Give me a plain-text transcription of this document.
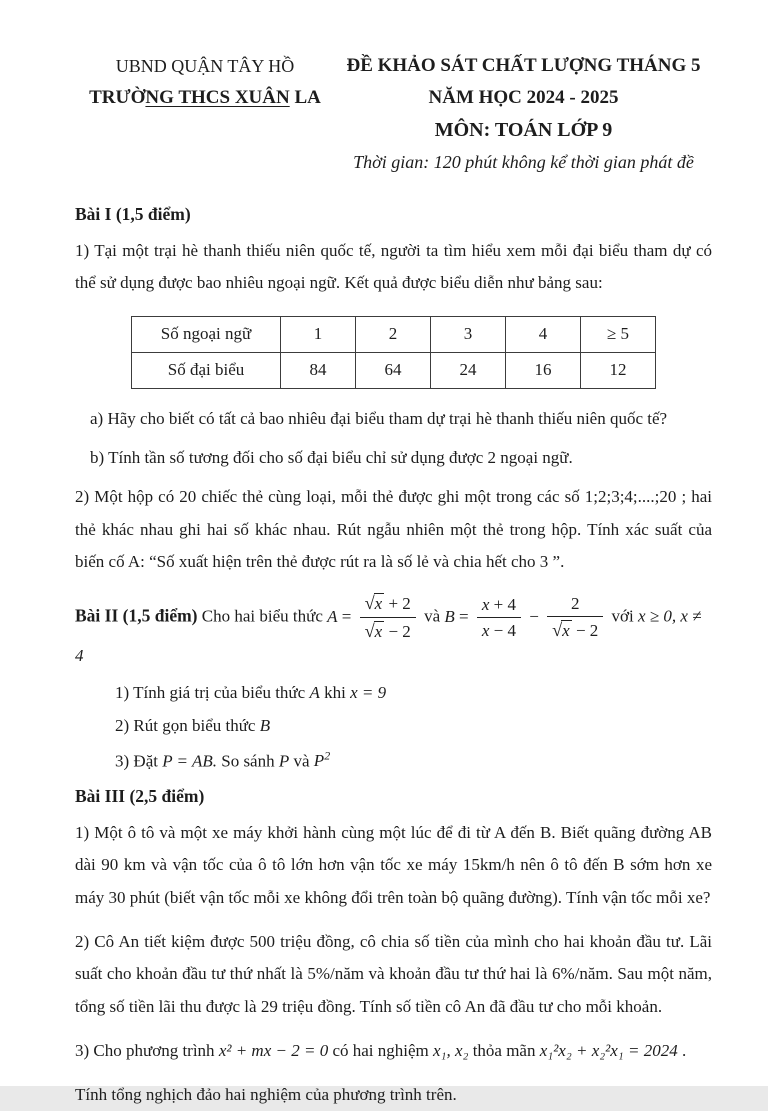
UBND QUẬN TÂY HỒ
TRƯỜNG THCS XUÂN LA
ĐỀ KHẢO SÁT CHẤT LƯỢNG THÁNG 5
NĂM HỌC 2024 - 2025
MÔN: TOÁN LỚP 9
Thời gian: 120 phút không kể thời gian phát đề
Bài I (1,5 điểm)

1) Tại một trại hè thanh thiếu niên quốc tế, người ta tìm hiểu xem mỗi đại biểu tham dự có thể sử dụng được bao nhiêu ngoại ngữ. Kết quả được biểu diễn như bảng sau:

Số ngoại ngữ	1	2	3	4	≥ 5
Số đại biểu	84	64	24	16	12

a) Hãy cho biết có tất cả bao nhiêu đại biểu tham dự trại hè thanh thiếu niên quốc tế?

b) Tính tần số tương đối cho số đại biểu chỉ sử dụng được 2 ngoại ngữ.

2) Một hộp có 20 chiếc thẻ cùng loại, mỗi thẻ được ghi một trong các số 1;2;3;4;....;20 ; hai thẻ khác nhau ghi hai số khác nhau. Rút ngẫu nhiên một thẻ trong hộp. Tính xác suất của biến cố A: “Số xuất hiện trên thẻ được rút ra là số lẻ và chia hết cho 3 ”.

Bài II (1,5 điểm) Cho hai biểu thức $A = \frac{√x + 2}{√x - 2}$ và $B = \frac{x + 4}{x - 4} - \frac{2}{√x - 2}$ với x ≥ 0, x ≠ 4

1) Tính giá trị của biểu thức A khi x = 9

2) Rút gọn biểu thức B

3) Đặt P = AB. So sánh P và $P^2$

Bài III (2,5 điểm)

1) Một ô tô và một xe máy khởi hành cùng một lúc để đi từ A đến B. Biết quãng đường AB dài 90 km và vận tốc của ô tô lớn hơn vận tốc xe máy 15km/h nên ô tô đến B sớm hơn xe máy 30 phút (biết vận tốc mỗi xe không đổi trên toàn bộ quãng đường). Tính vận tốc mỗi xe?

2) Cô An tiết kiệm được 500 triệu đồng, cô chia số tiền của mình cho hai khoản đầu tư. Lãi suất cho khoản đầu tư thứ nhất là 5%/năm và khoản đầu tư thứ hai là 6%/năm. Sau một năm, tổng số tiền lãi thu được là 29 triệu đồng. Tính số tiền cô An đã đầu tư cho mỗi khoản.

3) Cho phương trình x² + mx − 2 = 0 có hai nghiệm x₁, x₂ thỏa mãn x₁²x₂ + x₂²x₁ = 2024 .

Tính tổng nghịch đảo hai nghiệm của phương trình trên.
